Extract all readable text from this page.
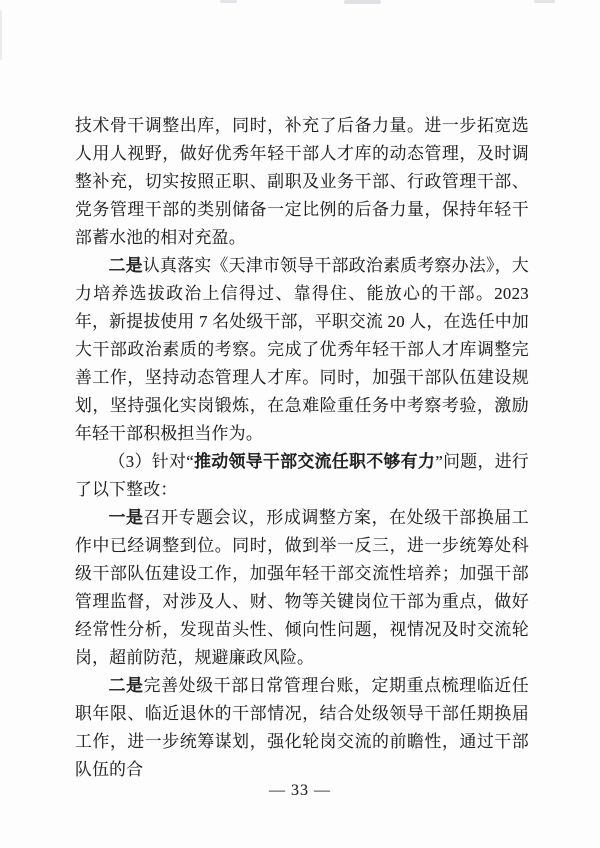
技术骨干调整出库，同时，补充了后备力量。进一步拓宽选人用人视野，做好优秀年轻干部人才库的动态管理，及时调整补充，切实按照正职、副职及业务干部、行政管理干部、党务管理干部的类别储备一定比例的后备力量，保持年轻干部蓄水池的相对充盈。

二是认真落实《天津市领导干部政治素质考察办法》，大力培养选拔政治上信得过、靠得住、能放心的干部。2023 年，新提拔使用 7 名处级干部，平职交流 20 人，在选任中加大干部政治素质的考察。完成了优秀年轻干部人才库调整完善工作，坚持动态管理人才库。同时，加强干部队伍建设规划，坚持强化实岗锻炼，在急难险重任务中考察考验，激励年轻干部积极担当作为。

（3）针对“推动领导干部交流任职不够有力”问题，进行了以下整改：

一是召开专题会议，形成调整方案，在处级干部换届工作中已经调整到位。同时，做到举一反三，进一步统筹处科级干部队伍建设工作，加强年轻干部交流性培养；加强干部管理监督，对涉及人、财、物等关键岗位干部为重点，做好经常性分析，发现苗头性、倾向性问题，视情况及时交流轮岗，超前防范，规避廉政风险。

二是完善处级干部日常管理台账，定期重点梳理临近任职年限、临近退休的干部情况，结合处级领导干部任期换届工作，进一步统筹谋划，强化轮岗交流的前瞻性，通过干部队伍的合

— 33 —
